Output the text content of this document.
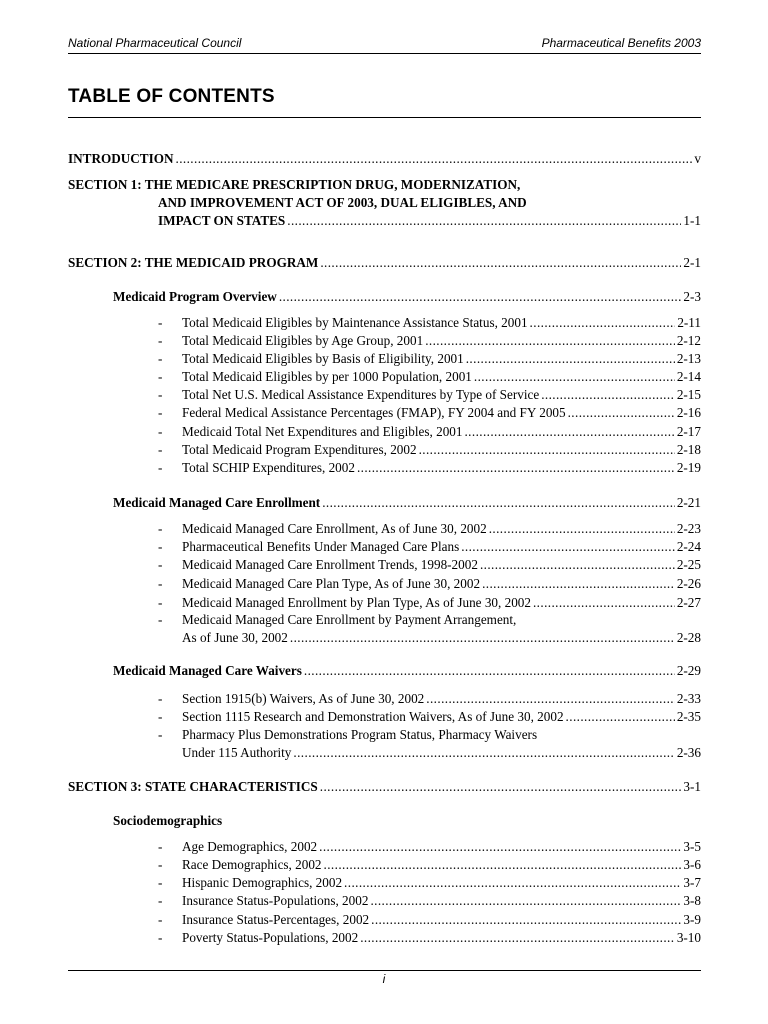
National Pharmaceutical Council	Pharmaceutical Benefits 2003
TABLE OF CONTENTS
INTRODUCTION .....	v
SECTION 1: THE MEDICARE PRESCRIPTION DRUG, MODERNIZATION,
AND IMPROVEMENT ACT OF 2003, DUAL ELIGIBLES, AND
IMPACT ON STATES .....	1-1
SECTION 2: THE MEDICAID PROGRAM .....	2-1
Medicaid Program Overview .....	2-3
-	Total Medicaid Eligibles by Maintenance Assistance Status, 2001 .....	2-11
-	Total Medicaid Eligibles by Age Group, 2001 .....	2-12
-	Total Medicaid Eligibles by Basis of Eligibility, 2001 .....	2-13
-	Total Medicaid Eligibles by per 1000 Population, 2001 .....	2-14
-	Total Net U.S. Medical Assistance Expenditures by Type of Service .....	2-15
-	Federal Medical Assistance Percentages (FMAP), FY 2004 and FY 2005 .....	2-16
-	Medicaid Total Net Expenditures and Eligibles, 2001 .....	2-17
-	Total Medicaid Program Expenditures, 2002 .....	2-18
-	Total SCHIP Expenditures, 2002 .....	2-19
Medicaid Managed Care Enrollment .....	2-21
-	Medicaid Managed Care Enrollment, As of June 30, 2002 .....	2-23
-	Pharmaceutical Benefits Under Managed Care Plans .....	2-24
-	Medicaid Managed Care Enrollment Trends, 1998-2002 .....	2-25
-	Medicaid Managed Care Plan Type, As of June 30, 2002 .....	2-26
-	Medicaid Managed Enrollment by Plan Type, As of June 30, 2002 .....	2-27
-	Medicaid Managed Care Enrollment by Payment Arrangement,
As of June 30, 2002 .....	2-28
Medicaid Managed Care Waivers .....	2-29
-	Section 1915(b) Waivers, As of June 30, 2002 .....	2-33
-	Section 1115 Research and Demonstration Waivers, As of June 30, 2002 .....	2-35
-	Pharmacy Plus Demonstrations Program Status, Pharmacy Waivers
Under 115 Authority .....	2-36
SECTION 3: STATE CHARACTERISTICS .....	3-1
Sociodemographics
-	Age Demographics, 2002 .....	3-5
-	Race Demographics, 2002 .....	3-6
-	Hispanic Demographics, 2002 .....	3-7
-	Insurance Status-Populations, 2002 .....	3-8
-	Insurance Status-Percentages, 2002 .....	3-9
-	Poverty Status-Populations, 2002 .....	3-10
i
